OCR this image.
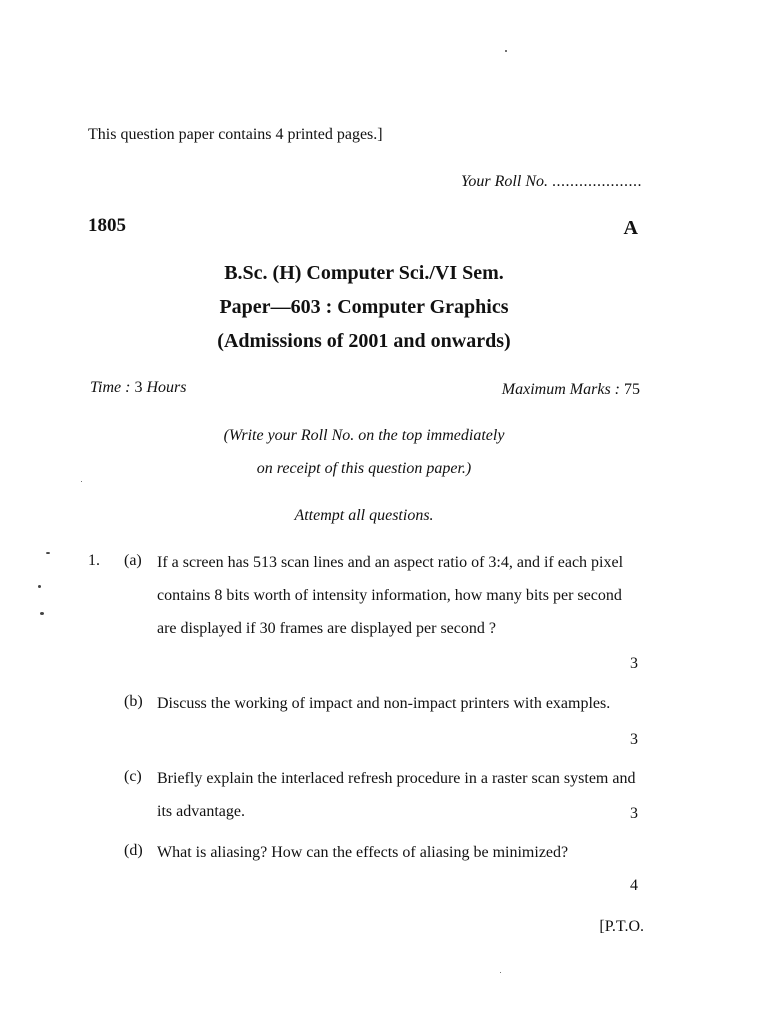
This question paper contains 4 printed pages.]
Your Roll No. ....................
1805	A
B.Sc. (H) Computer Sci./VI Sem.
Paper—603 : Computer Graphics
(Admissions of 2001 and onwards)
Time : 3 Hours	Maximum Marks : 75
(Write your Roll No. on the top immediately
on receipt of this question paper.)
Attempt all questions.
1. (a) If a screen has 513 scan lines and an aspect ratio of 3:4, and if each pixel contains 8 bits worth of intensity information, how many bits per second are displayed if 30 frames are displayed per second ?
3
(b) Discuss the working of impact and non-impact printers with examples.
3
(c) Briefly explain the interlaced refresh procedure in a raster scan system and its advantage.	3
(d) What is aliasing? How can the effects of aliasing be minimized?
4
[P.T.O.
